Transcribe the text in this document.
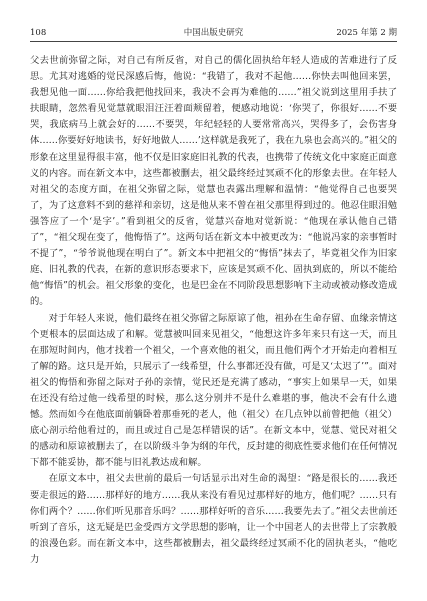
108	中国出版史研究	2025 年第 2 期

父去世前弥留之际，对自己有所反省，对自己的儒化固执给年轻人造成的苦难进行了反思。尤其对逃婚的觉民深感后悔，他说：“我错了，我对不起他……你快去叫他回来罢，我想见他一面……你给我把他找回来，我决不会再为难他的……”祖父说到这里用手扶了扶眼睛，忽然看见觉慧就眼泪汪汪着面颊留着，便感动地说：‘你哭了，你很好……不要哭，我底病马上就会好的……不要哭，年纪轻轻的人要常常高兴，哭得多了，会伤害身体……你要好好地读书，好好地做人……’这样就是我死了，我在九泉也会高兴的。”祖父的形象在这里显得很丰富，他不仅是旧家庭旧礼教的代表，也携带了传统文化中家庭正面意义的内容。而在新文本中，这些都被删去，祖父最终经过冥顽不化的形象去世。在年轻人对祖父的态度方面，在祖父弥留之际，觉慧也表露出理解和温情：“他觉得自己也要哭了，为了这意料不到的慈祥和亲切，这是他从来不曾在祖父那里得到过的。他忍住眼泪勉强答应了一个‘是字’。”看到祖父的反省，觉慧兴奋地对觉新说：“他现在承认他自己错了”，“祖父现在变了，他悔悟了”。这两句话在新文本中被更改为：“他说冯家的亲事暂时不提了”，“爷爷说他现在明白了”。新文本中把祖父的“悔悟”抹去了，毕竟祖父作为旧家庭、旧礼教的代表，在新的意识形态要求下，应该是冥顽不化、固执到底的，所以不能给他“悔悟”的机会。祖父形象的变化，也是巴金在不同阶段思想影响下主动或被动修改造成的。

对于年轻人来说，他们最终在祖父弥留之际原谅了他，祖孙在生命存留、血缘亲情这个更根本的层面达成了和解。觉慧被叫回来见祖父，“他想这许多年来只有这一天，而且在那短时间内，他才找着一个祖父，一个喜欢他的祖父，而且他们两个才开始走向着相互了解的路。这只是开始，只展示了一线希望，什么事都还没有做，可是又‘太迟了’”。面对祖父的悔悟和弥留之际对子孙的亲情，觉民还是充满了感动，“事实上如果早一天，如果在还没有给过他一线希望的时候，那么这分别并不是什么难堪的事，他决不会有什么遗憾。然而如今在他底面前躺卧着那垂死的老人，他（祖父）在几点钟以前曾把他（祖父）底心剖示给他看过的，而且或过自己是怎样错误的话”。在新文本中，觉慧、觉民对祖父的感动和原谅被删去了，在以阶级斗争为纲的年代，反封建的彻底性要求他们在任何情况下都不能妥协，都不能与旧礼教达成和解。

在原文本中，祖父去世前的最后一句话显示出对生命的渴望：“路是很长的……我还要走很远的路……那样好的地方……我从来没有看见过那样好的地方，他们呢？……只有你们两个？……你们听见那音乐吗？……那样好听的音乐……我要先去了。”祖父去世前还听到了音乐，这无疑是巴金受西方文学思想的影响，让一个中国老人的去世带上了宗教般的浪漫色彩。而在新文本中，这些都被删去，祖父最终经过冥顽不化的固执老头，“他吃力
